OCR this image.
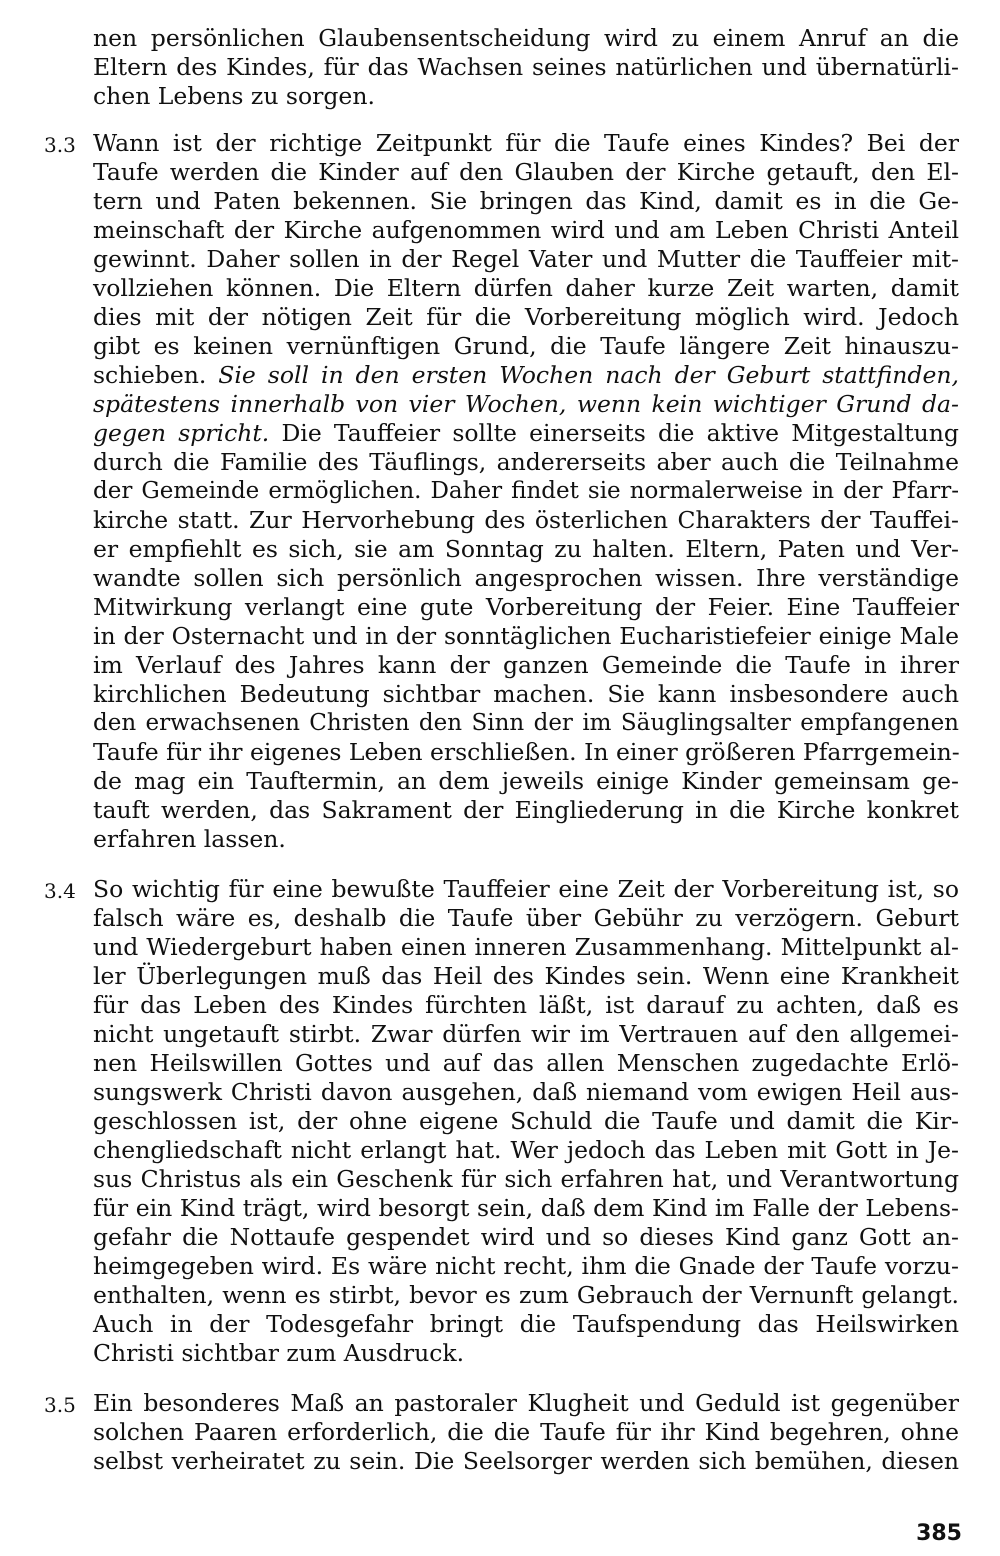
nen persönlichen Glaubensentscheidung wird zu einem Anruf an die
Eltern des Kindes, für das Wachsen seines natürlichen und übernatürli-
chen Lebens zu sorgen.
3.3 Wann ist der richtige Zeitpunkt für die Taufe eines Kindes? Bei der
Taufe werden die Kinder auf den Glauben der Kirche getauft, den El-
tern und Paten bekennen. Sie bringen das Kind, damit es in die Ge-
meinschaft der Kirche aufgenommen wird und am Leben Christi Anteil
gewinnt. Daher sollen in der Regel Vater und Mutter die Tauffeier mit-
vollziehen können. Die Eltern dürfen daher kurze Zeit warten, damit
dies mit der nötigen Zeit für die Vorbereitung möglich wird. Jedoch
gibt es keinen vernünftigen Grund, die Taufe längere Zeit hinauszu-
schieben. Sie soll in den ersten Wochen nach der Geburt stattfinden,
spätestens innerhalb von vier Wochen, wenn kein wichtiger Grund da-
gegen spricht. Die Tauffeier sollte einerseits die aktive Mitgestaltung
durch die Familie des Täuflings, andererseits aber auch die Teilnahme
der Gemeinde ermöglichen. Daher findet sie normalerweise in der Pfarr-
kirche statt. Zur Hervorhebung des österlichen Charakters der Tauffei-
er empfiehlt es sich, sie am Sonntag zu halten. Eltern, Paten und Ver-
wandte sollen sich persönlich angesprochen wissen. Ihre verständige
Mitwirkung verlangt eine gute Vorbereitung der Feier. Eine Tauffeier
in der Osternacht und in der sonntäglichen Eucharistiefeier einige Male
im Verlauf des Jahres kann der ganzen Gemeinde die Taufe in ihrer
kirchlichen Bedeutung sichtbar machen. Sie kann insbesondere auch
den erwachsenen Christen den Sinn der im Säuglingsalter empfangenen
Taufe für ihr eigenes Leben erschließen. In einer größeren Pfarrgemein-
de mag ein Tauftermin, an dem jeweils einige Kinder gemeinsam ge-
tauft werden, das Sakrament der Eingliederung in die Kirche konkret
erfahren lassen.
3.4 So wichtig für eine bewußte Tauffeier eine Zeit der Vorbereitung ist, so
falsch wäre es, deshalb die Taufe über Gebühr zu verzögern. Geburt
und Wiedergeburt haben einen inneren Zusammenhang. Mittelpunkt al-
ler Überlegungen muß das Heil des Kindes sein. Wenn eine Krankheit
für das Leben des Kindes fürchten läßt, ist darauf zu achten, daß es
nicht ungetauft stirbt. Zwar dürfen wir im Vertrauen auf den allgemei-
nen Heilswillen Gottes und auf das allen Menschen zugedachte Erlö-
sungswerk Christi davon ausgehen, daß niemand vom ewigen Heil aus-
geschlossen ist, der ohne eigene Schuld die Taufe und damit die Kir-
chengliedschaft nicht erlangt hat. Wer jedoch das Leben mit Gott in Je-
sus Christus als ein Geschenk für sich erfahren hat, und Verantwortung
für ein Kind trägt, wird besorgt sein, daß dem Kind im Falle der Lebens-
gefahr die Nottaufe gespendet wird und so dieses Kind ganz Gott an-
heimgegeben wird. Es wäre nicht recht, ihm die Gnade der Taufe vorzu-
enthalten, wenn es stirbt, bevor es zum Gebrauch der Vernunft gelangt.
Auch in der Todesgefahr bringt die Taufspendung das Heilswirken
Christi sichtbar zum Ausdruck.
3.5 Ein besonderes Maß an pastoraler Klugheit und Geduld ist gegenüber
solchen Paaren erforderlich, die die Taufe für ihr Kind begehren, ohne
selbst verheiratet zu sein. Die Seelsorger werden sich bemühen, diesen
385
